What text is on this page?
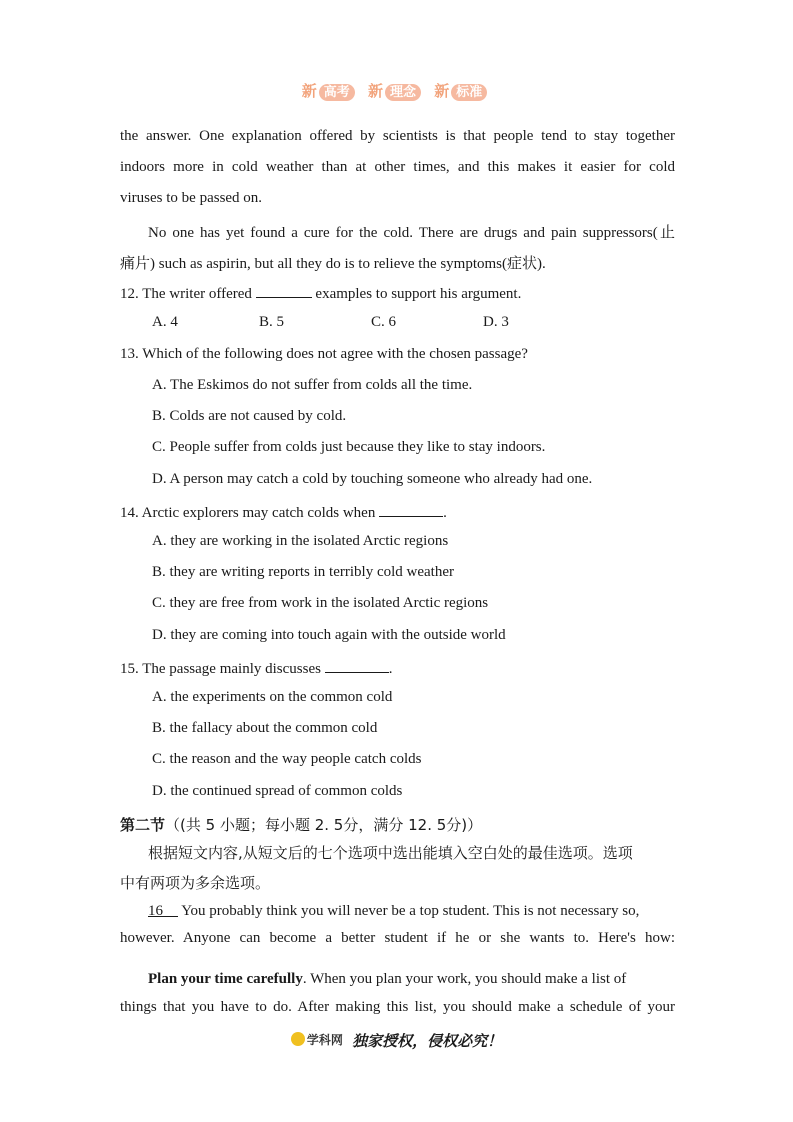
新 高考 新 理念 新 标准
the answer. One explanation offered by scientists is that people tend to stay together
indoors more in cold weather than at other times, and this makes it easier for cold
viruses to be passed on.
No one has yet found a cure for the cold. There are drugs and pain suppressors(止
痛片) such as aspirin, but all they do is to relieve the symptoms(症状).
12. The writer offered	examples to support his argument.
A. 4	B. 5	C. 6	D. 3
13. Which of the following does not agree with the chosen passage?
A. The Eskimos do not suffer from colds all the time.
B. Colds are not caused by cold.
C. People suffer from colds just because they like to stay indoors.
D. A person may catch a cold by touching someone who already had one.
14. Arctic explorers may catch colds when	.
A. they are working in the isolated Arctic regions
B. they are writing reports in terribly cold weather
C. they are free from work in the isolated Arctic regions
D. they are coming into touch again with the outside world
15. The passage mainly discusses	.
A. the experiments on the common cold
B. the fallacy about the common cold
C. the reason and the way people catch colds
D. the continued spread of common colds
第二节（(共 5 小题；每小题 2. 5分，满分 12. 5分)）
根据短文内容,从短文后的七个选项中选出能填入空白处的最佳选项。选项
中有两项为多余选项。
16 You probably think you will never be a top student. This is not necessary so,
however. Anyone can become a better student if he or she wants to. Here's how:
Plan your time carefully. When you plan your work, you should make a list of
things that you have to do. After making this list, you should make a schedule of your
学科网 独家授权，侵权必究！
